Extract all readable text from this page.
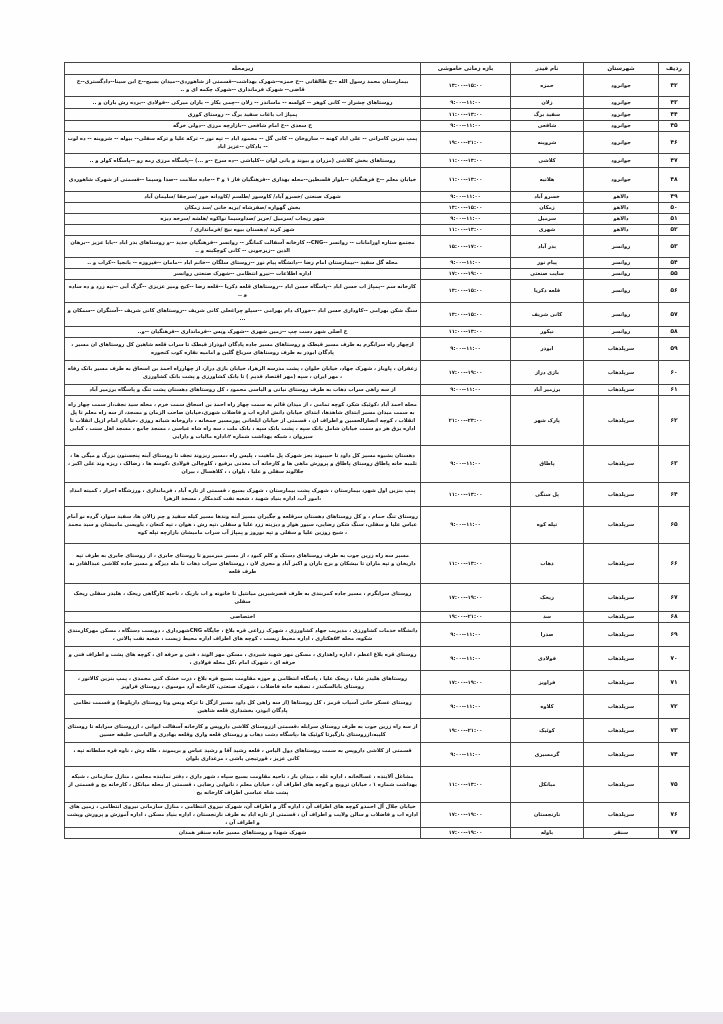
ردیف	شهرستان	نام فیدر	بازه زمانی خاموشی	زیرمحله
۴۲	جوانرود	حمزه	۱۳:۰۰--۱۵:۰۰	بیمارستان محمد رسول الله --خ طالقانی --خ حمزه--شهرک بهداشت--قسمتی از شاهوردی--میدان بسیج--خ ابن سینا--دادگستری--خ قاضی-- شهرک فرمانداری --شهرک چکمه ای و ..
۴۳	جوانرود	زلان	۹:۰۰--۱۱:۰۰	روستاهای چشرار -- کانی کوهر -- کولسه -- ماساندر -- زلان --چمی بکار -- باران میرکی --فولادی --برده رش باران و ..
۴۴	جوانرود	سفید برگ	۱۱:۰۰--۱۳:۰۰	پمپاژ اب باغات سفید برگ -- روستای کوری
۴۵	جوانرود	شافعی	۹:۰۰--۱۱:۰۰	خ سعدی --خ امام شافعی --بازارچه مرزی --دولی خرگه
۴۶	جوانرود	شروینه	۱۹:۰۰--۲۱:۰۰	پمپ بنزین کامرانی -- علی اباد کهنه -- ساروخان -- کانی گل -- محمود اباد -- تپه نور -- ترکه علیا و ترکه سفلی-- بیوله -- شروینه -- ده لوت -- بادکان --عزیز اباد
۴۷	جوانرود	کلاشی	۱۱:۰۰--۱۳:۰۰	روستاهای بخش کلاشی (مزران و بیوند و یانی لوان --کلیاشی --ده سرخ --و ...) --پاسگاه مرزی رمه رو --پاسگاه کولر و ..
۴۸	جوانرود	هلانیه	۱۱:۰۰--۱۳:۰۰	خیابان معلم --خ فرهنگیان --بلوار فلسطین--محله بهداری --فرهنگیان فاز ۱ و ۳ --جاده سلامت --صدا وسیما --قسمتی از شهرک شاهوردی
۴۹	دالاهو	خسرو آباد	۹:۰۰--۱۱:۰۰	شهرک صنعتی /خسرو آباد/ کاوسور /طلسم /کاودانه خور /سرجقا /سلیمان آباد
۵۰	دالاهو	زمکان	۱۳:۰۰--۱۵:۰۰	بخش گهواره /صفرشاه /بریه خانی /سد زمکان
۵۱	دالاهو	سرمیل	۹:۰۰--۱۱:۰۰	شهر ریجاب /سرمیل /حریر /صداوسیما نواکوه /هلشه /سرخه دیزه
۵۲	دالاهو	شهری	۱۱:۰۰--۱۳:۰۰	شهر کرند /دهستان بیوه نیچ /فرمانداری /
۵۳	روانسر	بدر آباد	۱۵:۰۰--۱۷:۰۰	مجتمع ستاره اورامانات -- روانسر --CNG-- کارخانه آسفالت کمانگر -- روانسر --فرهنگیان جدید --و روستاهای بدر اباد --بابا عزیز --برهان الدین --زیرجوبی -- کانی کوچکینه و ..
۵۴	روانسر	پیام نور	۹:۰۰--۱۱:۰۰	محله گل سفید --بیمارستان امام رضا --دانشگاه پیام نور --روستای سلگان --خانم اباد --مامان --فیروزه -- بانجیا --کراب و ..
۵۵	روانسر	سایت صنعتی	۱۷:۰۰--۱۹:۰۰	اداره اطلاعات --نیرو انتظامی --شهرک صنعتی روانسر
۵۶	روانسر	قلعه ذکریا	۱۳:۰۰--۱۵:۰۰	کارخانه سم --پمپاژ اب حسن اباد --پاسگاه حسن اباد --روستاهای قلعه ذکریا --قلعه رضا --کیخ ومیر عزیزی --گرگ آبی --تپه زرد و ده ساده و ..
۵۷	روانسر	کانی شریف	۱۳:۰۰--۱۵:۰۰	سنگ شکن بهرامی --کاوداری حسن اباد --خوراک دام بهرامی --سیلو چراغعلی کانی شریف --روستاهای کانی شریف --آسنگران --سمکان و ...
۵۸	روانسر	نیکور	۱۱:۰۰--۱۳:۰۰	خ اصلی شهر دست چپ --زمین شهری --شهرک ویس --فرمانداری --فرهنگیان --و..
۵۹	سرپلذهاب	ابوذر	۹:۰۰--۱۱:۰۰	ازچهار راه سرابگرم به طرف مسیر قیطک و روستاهای مسیر جاده پادگان ابوذراز قیطک تا سراب قلعه شاهین کل روستاهای ان مسیر ، پادگان ابوذر به طرف روستاهای سرباغ گلین و امامیه نقاره کوب کنجوره
۶۰	سرپلذهاب	بازی دراز	۱۷:۰۰--۱۹:۰۰	زعفران ، پاوباز ، شهرک جهاد، خیابان حلوان ، پشت مدرسه الزهرا، خیابان بازی دراز، از چهارراه احمد بن اسحاق به طرف مسیر بانک رفاه ، مهر ایران ، سپه (مهر اقتصاد قدیم ) تا بانک کشاورزی و پشت بانک کشاورزی
۶۱	سرپلذهاب	برزمیر آباد	۹:۰۰--۱۱:۰۰	از سه راهی سراب ذهاب به طرف روستای نیانی و الیاسی محمود ، کل روستاهای دهستان پشت تنگ و پاسگاه برزمیر آباد
۶۲	سرپلذهاب	پارک شهر	۲۱:۰۰--۲۳:۰۰	محله احمد آباد ،کوئیک شکر، کوچه تمامی ، از میدان قائم به سمت چهار راه احمد بن اسحاق سمت خرم ، محله سید نجف،از سمت چهار راه به سمت میدان مسیر ابتدای شاهدها، ابتدای خیابان دانش اداره اب و فاضلاب شهری،خیابان صاحب الزمان و مسجد، از سه راه معلم تا پل انقلاب ، کوچه انصارالحسین و اطراف ان ، قسمتی از خیابان ایلخانی پورمسیر جمخانه ، داروخانه شبانه روزی ،خیابان امام ازپل انقلاب تا اداره برق هر دو سمت خیابان شامل بانک سپه ، پشت بانک سپه ، بانک ملت ، سه راه شاه عباسی ، مسجد جامع ، مسجد اهل سنت ، کبابی سیروان ، شبکه بهداشت شماره ۲،اداره مالیات و دارایی
۶۳	سرپلذهاب	پاطاق	۹:۰۰--۱۱:۰۰	دهستان بشیوه مسیر کل داود تا حبیبوند بجز شهرک پل ماهیت ، پلیس راه ،مسیر ریزوند نجف تا روستای آینه پنجستون بزرگ و میگی ها ، تلمبه خانه پاطاق روستای پاطاق و پرورش ماهی ها و کارخانه آب معدنی برفیع ، کلوچالی فولادی ،کوسه ها ، رضالک ، ریزه وند علی اکبر ، جلالوند سفلی و علیا ، بلوان ، ، کلاهسال ، بیران
۶۴	سرپلذهاب	پل سنگی	۱۱:۰۰--۱۳:۰۰	پمپ بنزین اول شهر، بیمارستان ، شهرک پشت بیمارستان ، شهرک بسیج ، قسمتی از تازه آباد ، فرمانداری ، ورزشگاه احرار ، کمیته امداد ،امور آب، اداره بنیاد شهید ، شعبه نفت کندمکار ، مسجد الزهرا
۶۵	سرپلذهاب	تپله کوه	۹:۰۰--۱۱:۰۰	روستای تنگ حمام ، و کل روستاهای دهستان سرقلعه و جگیران مسیر آبنه وندها مسیر کیله سفید و چم زالان ها، سفید سوار، گرده نو آمام عباس علیا و سفلی، سنگ شکن رضایی، سیور هوار و دیزینه زرد علیا و سفلی ،تپه رش ، هوان ، تپه کنعان ، باویسی مامیشان و سید محمد ، شیخ روزین علیا و سفلی و تپه نوروز و پمپاژ آب سراب مامیشان بازارچه تپله کوه
۶۶	سرپلذهاب	ذهاب	۱۱:۰۰--۱۳:۰۰	مسیر سه راه زرین جوب به طرف روستاهای دستک و کلم کبود ، از مسیر میرمیرو تا روستای جابری ، از روستای جابری به طرف تپه داریخان و تپه ماران تا بیشکان و برج باران و اکبر آباد و مجری لان ، روستاهای سراب ذهاب تا مله دیزگه و مسیر جاده کلاشی عبدالقادر به طرف قلعه
۶۷	سرپلذهاب	ریخک	۱۷:۰۰--۱۹:۰۰	روستای سرابگرم ، مسیر جاده کمربندی به طرف قصرشیرین میانتیل تا خانونه و اب باریک ، ناحیه کارگاهی ریخک ، هلیدر سفلی ریخک سفلی
۶۸	سرپلذهاب	سد	۱۹:۰۰--۲۱:۰۰	اختصاصی
۶۹	سرپلذهاب	صدرا	۹:۰۰--۱۱:۰۰	دانشگاه خدمات کشاورزی ، مدیریت جهاد کشاورزی ، شهرک زراعی قره بلاغ ، جایگاه CNGشهرداری ، دویست دستگاه ، مسکن مهرکارمندی شکوه، محله ۵۴هکتاری ، اداره محیط زیست ، کوچه های اطراف اداره محیط زیست ، شعبه نفت پالانی ،
۷۰	سرپلذهاب	فولادی	۹:۰۰--۱۱:۰۰	روستای قره بلاغ اعظم ، اداره راهداری ، مسکن مهر شهید شیردی ، مسکن مهر الوند ، فنی و حرفه ای ، کوچه های پشت و اطراف فنی و حرفه ای ، شهرک امام ،کل محله فولادی ،
۷۱	سرپلذهاب	فراویز	۱۷:۰۰--۱۹:۰۰	روستاهای هلیدر علیا ، ریخک علیا ، پاسگاه انتظامی و حوزه مقاومت بسیج قره بلاغ ، ذرت خشک کنی محمدی ، پمپ بنزین کالاتور ، روستای بابالسکندر ، تصفیه خانه فاضلاب ، شهرک صنعتی، کارخانه آرد موسوی ، روستای فراویز
۷۲	سرپلذهاب	کلاوه	۹:۰۰--۱۱:۰۰	روستای عسکر خانی آسیاب قرمز ، کل روستاها (از سه راهی کل داود مسیر ازگل تا ترکه ویس وتا روستای دارپلوط) و قسمت نظامی پادگان ابوذر، بخشداری قلعه شاهین
۷۳	سرپلذهاب	کوئیک	۱۹:۰۰--۲۱:۰۰	از سه راه زرین جوب به طرف روستای سرابله ،قسمتی ازروستای کلاشی داروپس و کارخانه آسفالت ایوانی ، ازروستای سرابله تا روستای کلیبه،ازروستای بازگیرتا کوئیک ها ،پاسگاه دشت ذهاب و روستای قلعه واری وقلعه بهادری و الیاسی خلیفه حسین
۷۴	سرپلذهاب	گرمسیری	۹:۰۰--۱۱:۰۰	قسمتی از کلاشی داروپس به سمت روستاهای دول الیاس ، قلعه رشید آقا و رشید عباس و بریموند ، طله رش ، ناوه قره سلطانه تپه ، کانی عزیز ، قورتیجی یاشی ، مرغداری بلوان
۷۵	سرپلذهاب	میانکل	۱۱:۰۰--۱۳:۰۰	مشاغل آلاینده ، غسالخانه ، اداره غله ، میدان بار ، ناحیه مقاومت بسیج سپاه ، شهر داری ، دفتر نماینده مجلس ، منازل سازمانی ، شبکه بهداشت شماره ۱ ، خیابان ترویج و کوچه های اطراف آن ، خیابان معلم ، نانوایی رضایی ، قسمتی از محله میانکل ، کارخانه یخ و قسمتی از پشت شاه عباسی اطراف کارخانه یخ
۷۶	سرپلذهاب	نارنجستان	۱۷:۰۰--۱۹:۰۰	خیابان جلال آل احمدو کوچه های اطراف آن ، اداره گاز و اطراف آن، شهرک نیروی انتظامی ، منازل سازمانی نیروی انتظامی ، زمین های اداره اب و فاضلاب و سالن ولایت و اطراف آن ، قسمتی از تازه اباد به طرف نارنجستان ، اداره بنیاد مسکن ، اداره آموزش و پرورش وپشت و اطراف آن ،
۷۷	سنقر	باوله	۱۷:۰۰--۱۹:۰۰	شهرک شهدا و روستاهای مسیر جاده سنقر همدان
